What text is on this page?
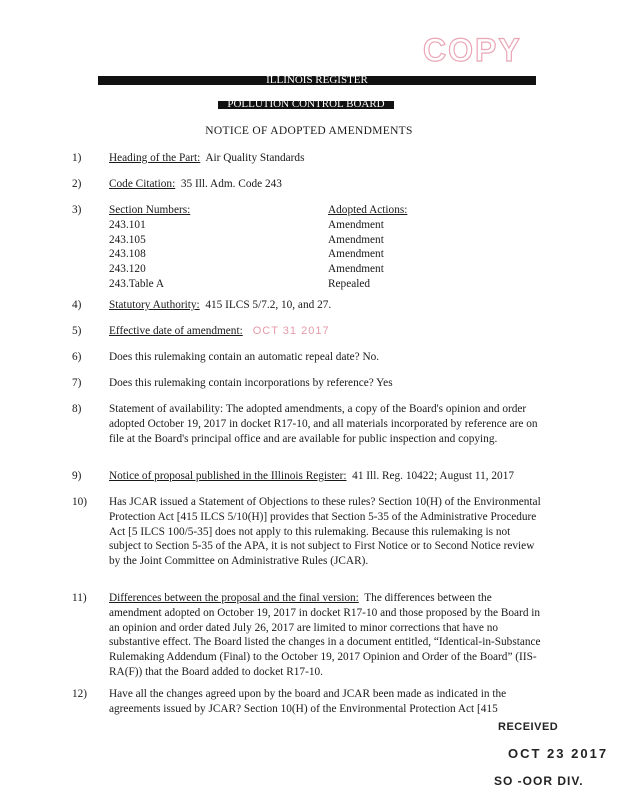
COPY
ILLINOIS REGISTER
POLLUTION CONTROL BOARD
NOTICE OF ADOPTED AMENDMENTS
1)	Heading of the Part: Air Quality Standards
2)	Code Citation: 35 Ill. Adm. Code 243
3)	Section Numbers:	Adopted Actions:
243.101	Amendment
243.105	Amendment
243.108	Amendment
243.120	Amendment
243.Table A	Repealed
4)	Statutory Authority: 415 ILCS 5/7.2, 10, and 27.
5)	Effective date of amendment: OCT 31 2017
6)	Does this rulemaking contain an automatic repeal date? No.
7)	Does this rulemaking contain incorporations by reference? Yes
8)	Statement of availability: The adopted amendments, a copy of the Board's opinion and order adopted October 19, 2017 in docket R17-10, and all materials incorporated by reference are on file at the Board's principal office and are available for public inspection and copying.
9)	Notice of proposal published in the Illinois Register: 41 Ill. Reg. 10422; August 11, 2017
10)	Has JCAR issued a Statement of Objections to these rules? Section 10(H) of the Environmental Protection Act [415 ILCS 5/10(H)] provides that Section 5-35 of the Administrative Procedure Act [5 ILCS 100/5-35] does not apply to this rulemaking. Because this rulemaking is not subject to Section 5-35 of the APA, it is not subject to First Notice or to Second Notice review by the Joint Committee on Administrative Rules (JCAR).
11)	Differences between the proposal and the final version: The differences between the amendment adopted on October 19, 2017 in docket R17-10 and those proposed by the Board in an opinion and order dated July 26, 2017 are limited to minor corrections that have no substantive effect. The Board listed the changes in a document entitled, “Identical-in-Substance Rulemaking Addendum (Final) to the October 19, 2017 Opinion and Order of the Board” (IIS-RA(F)) that the Board added to docket R17-10.
12)	Have all the changes agreed upon by the board and JCAR been made as indicated in the agreements issued by JCAR? Section 10(H) of the Environmental Protection Act [415
RECEIVED
OCT 23 2017
SO -OOR DIV.
